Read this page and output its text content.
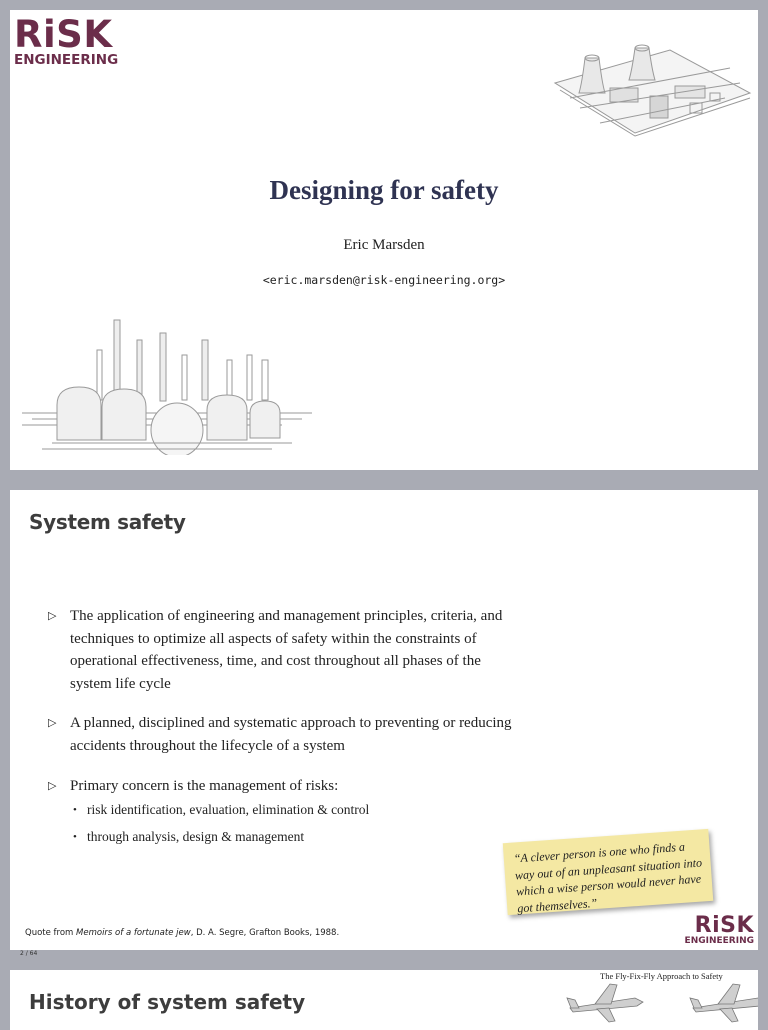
RiSK
ENGINEERING
Designing for safety
Eric Marsden
<eric.marsden@risk-engineering.org>
System safety
▷ The application of engineering and management principles, criteria, and techniques to optimize all aspects of safety within the constraints of operational effectiveness, time, and cost throughout all phases of the system life cycle
▷ A planned, disciplined and systematic approach to preventing or reducing accidents throughout the lifecycle of a system
▷ Primary concern is the management of risks:
• risk identification, evaluation, elimination & control
• through analysis, design & management
“A clever person is one who finds a way out of an unpleasant situation into which a wise person would never have got themselves.”
Quote from Memoirs of a fortunate jew, D. A. Segre, Grafton Books, 1988.	RiSK
ENGINEERING
2 / 64
History of system safety
The Fly-Fix-Fly Approach to Safety
